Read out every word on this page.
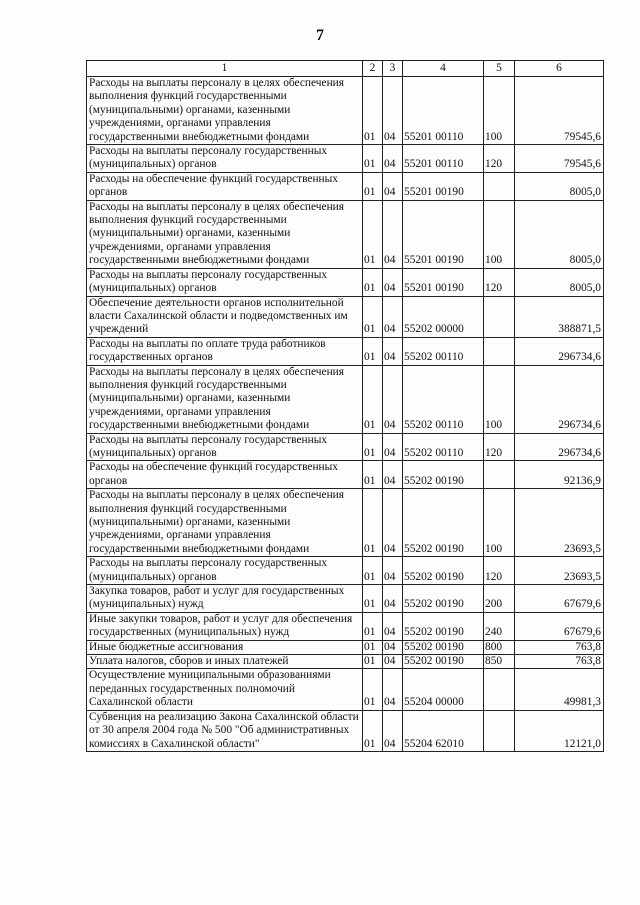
7
1	2	3	4	5	6
Расходы на выплаты персоналу в целях обеспечения выполнения функций государственными (муниципальными) органами, казенными учреждениями, органами управления государственными внебюджетными фондами	01	04	55201 00110	100	79545,6
Расходы на выплаты персоналу государственных (муниципальных) органов	01	04	55201 00110	120	79545,6
Расходы на обеспечение функций государственных органов	01	04	55201 00190		8005,0
Расходы на выплаты персоналу в целях обеспечения выполнения функций государственными (муниципальными) органами, казенными учреждениями, органами управления государственными внебюджетными фондами	01	04	55201 00190	100	8005,0
Расходы на выплаты персоналу государственных (муниципальных) органов	01	04	55201 00190	120	8005,0
Обеспечение деятельности органов исполнительной власти Сахалинской области и подведомственных им учреждений	01	04	55202 00000		388871,5
Расходы на выплаты по оплате труда работников государственных органов	01	04	55202 00110		296734,6
Расходы на выплаты персоналу в целях обеспечения выполнения функций государственными (муниципальными) органами, казенными учреждениями, органами управления государственными внебюджетными фондами	01	04	55202 00110	100	296734,6
Расходы на выплаты персоналу государственных (муниципальных) органов	01	04	55202 00110	120	296734,6
Расходы на обеспечение функций государственных органов	01	04	55202 00190		92136,9
Расходы на выплаты персоналу в целях обеспечения выполнения функций государственными (муниципальными) органами, казенными учреждениями, органами управления государственными внебюджетными фондами	01	04	55202 00190	100	23693,5
Расходы на выплаты персоналу государственных (муниципальных) органов	01	04	55202 00190	120	23693,5
Закупка товаров, работ и услуг для государственных (муниципальных) нужд	01	04	55202 00190	200	67679,6
Иные закупки товаров, работ и услуг для обеспечения государственных (муниципальных) нужд	01	04	55202 00190	240	67679,6
Иные бюджетные ассигнования	01	04	55202 00190	800	763,8
Уплата налогов, сборов и иных платежей	01	04	55202 00190	850	763,8
Осуществление муниципальными образованиями переданных государственных полномочий Сахалинской области	01	04	55204 00000		49981,3
Субвенция на реализацию Закона Сахалинской области от 30 апреля 2004 года № 500 "Об административных комиссиях в Сахалинской области"	01	04	55204 62010		12121,0
